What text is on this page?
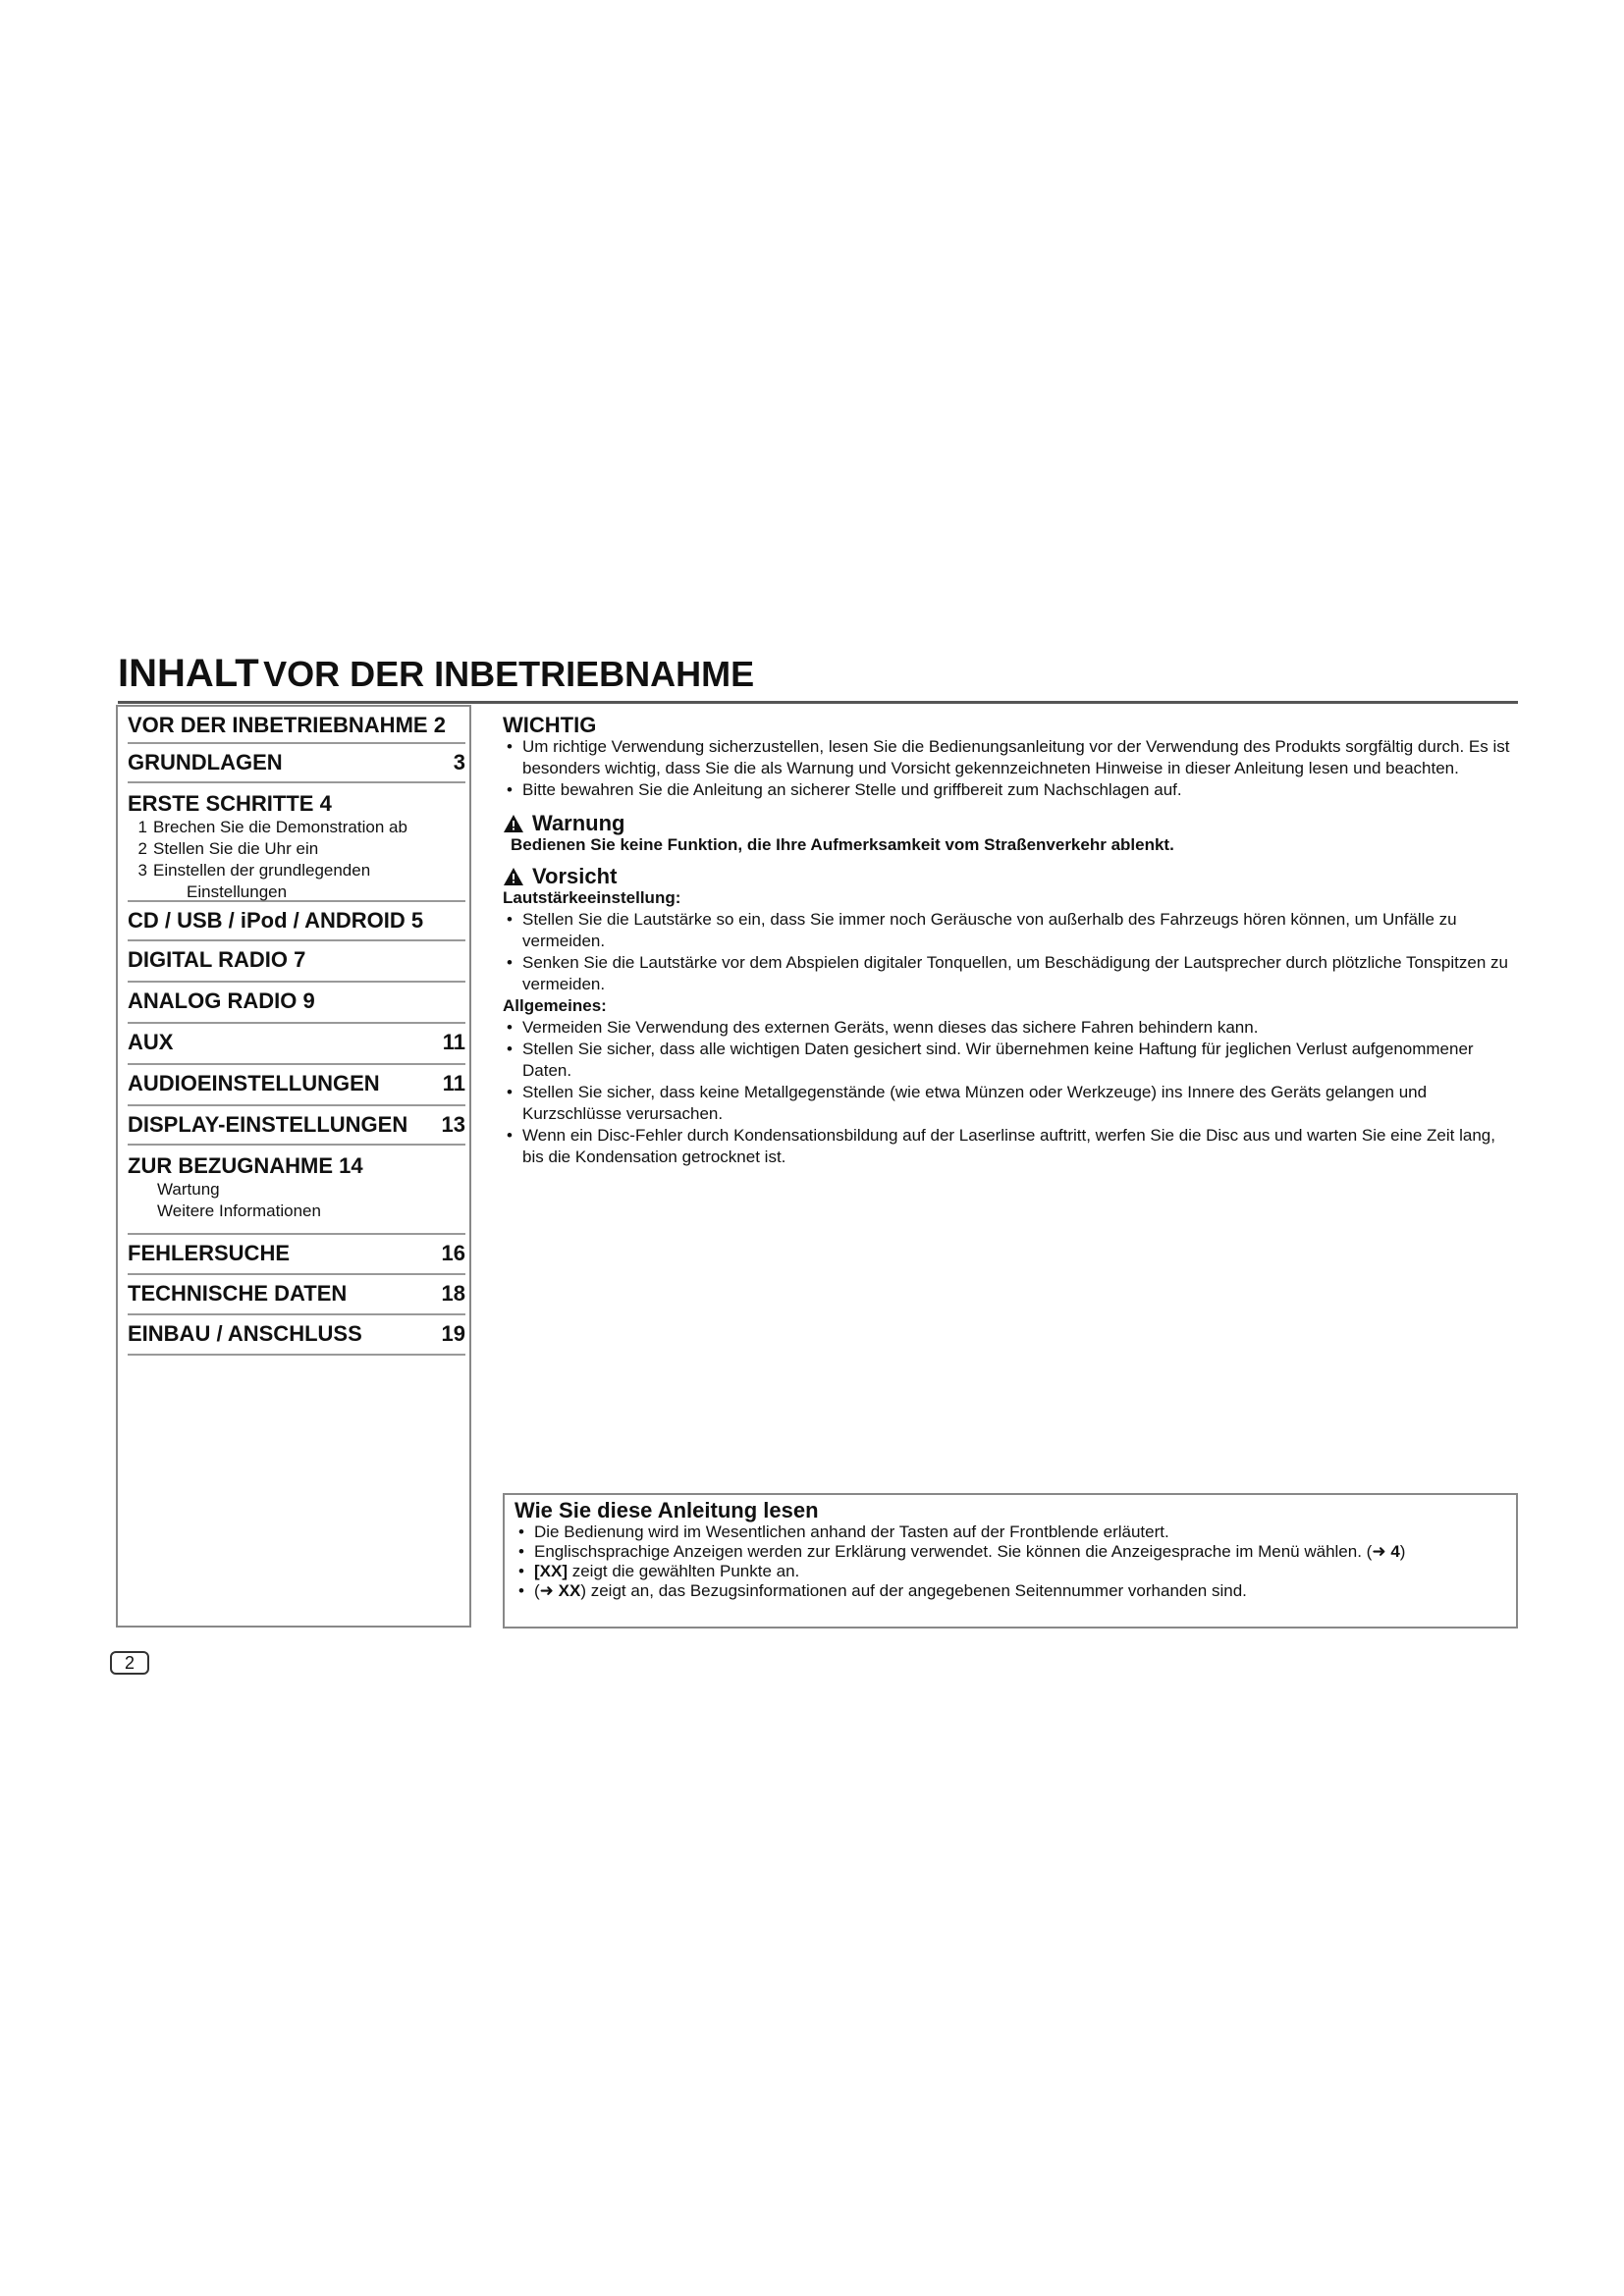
INHALT VOR DER INBETRIEBNAHME
VOR DER INBETRIEBNAHME 2
GRUNDLAGEN	3
ERSTE SCHRITTE 4
1 Brechen Sie die Demonstration ab
2 Stellen Sie die Uhr ein
3 Einstellen der grundlegenden
Einstellungen
CD / USB / iPod / ANDROID 5
DIGITAL RADIO 7
ANALOG RADIO 9
AUX	11
AUDIOEINSTELLUNGEN	11
DISPLAY-EINSTELLUNGEN 13
ZUR BEZUGNAHME 14
Wartung
Weitere Informationen
FEHLERSUCHE	16
TECHNISCHE DATEN	18
EINBAU / ANSCHLUSS	19
WICHTIG
• Um richtige Verwendung sicherzustellen, lesen Sie die Bedienungsanleitung vor der Verwendung des Produkts sorgfältig durch. Es ist besonders wichtig, dass Sie die als Warnung und Vorsicht gekennzeichneten Hinweise in dieser Anleitung lesen und beachten.
• Bitte bewahren Sie die Anleitung an sicherer Stelle und griffbereit zum Nachschlagen auf.
Warnung
Bedienen Sie keine Funktion, die Ihre Aufmerksamkeit vom Straßenverkehr ablenkt.
Vorsicht
Lautstärkeeinstellung:
• Stellen Sie die Lautstärke so ein, dass Sie immer noch Geräusche von außerhalb des Fahrzeugs hören können, um Unfälle zu vermeiden.
• Senken Sie die Lautstärke vor dem Abspielen digitaler Tonquellen, um Beschädigung der Lautsprecher durch plötzliche Tonspitzen zu vermeiden.
Allgemeines:
• Vermeiden Sie Verwendung des externen Geräts, wenn dieses das sichere Fahren behindern kann.
• Stellen Sie sicher, dass alle wichtigen Daten gesichert sind. Wir übernehmen keine Haftung für jeglichen Verlust aufgenommener Daten.
• Stellen Sie sicher, dass keine Metallgegenstände (wie etwa Münzen oder Werkzeuge) ins Innere des Geräts gelangen und Kurzschlüsse verursachen.
• Wenn ein Disc-Fehler durch Kondensationsbildung auf der Laserlinse auftritt, werfen Sie die Disc aus und warten Sie eine Zeit lang, bis die Kondensation getrocknet ist.
Wie Sie diese Anleitung lesen
• Die Bedienung wird im Wesentlichen anhand der Tasten auf der Frontblende erläutert.
• Englischsprachige Anzeigen werden zur Erklärung verwendet. Sie können die Anzeigesprache im Menü wählen. (➜ 4)
• [XX] zeigt die gewählten Punkte an.
• (➜ XX) zeigt an, das Bezugsinformationen auf der angegebenen Seitennummer vorhanden sind.
2
